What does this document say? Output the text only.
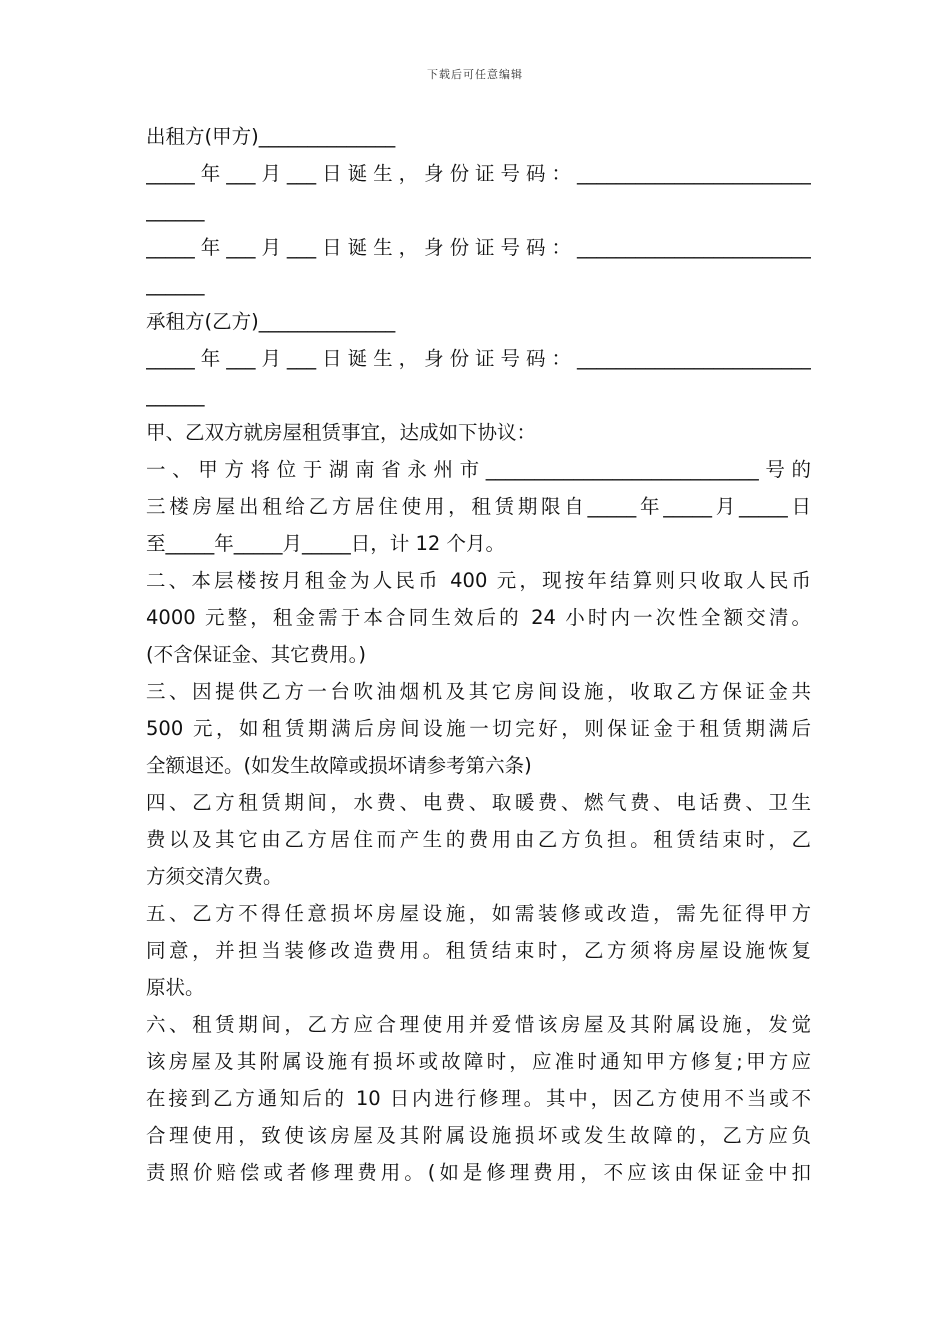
下载后可任意编辑
出租方(甲方)______________
_____年___月___日诞生，身份证号码：________________________
______
_____年___月___日诞生，身份证号码：________________________
______
承租方(乙方)______________
_____年___月___日诞生，身份证号码：________________________
______
甲、乙双方就房屋租赁事宜，达成如下协议：
一、甲方将位于湖南省永州市____________________________号的
三楼房屋出租给乙方居住使用，租赁期限自_____年_____月_____日
至_____年_____月_____日，计 12 个月。
二、本层楼按月租金为人民币 400 元，现按年结算则只收取人民币
4000 元整，租金需于本合同生效后的 24 小时内一次性全额交清。
(不含保证金、其它费用。)
三、因提供乙方一台吹油烟机及其它房间设施，收取乙方保证金共
500 元，如租赁期满后房间设施一切完好，则保证金于租赁期满后
全额退还。(如发生故障或损坏请参考第六条)
四、乙方租赁期间，水费、电费、取暖费、燃气费、电话费、卫生
费以及其它由乙方居住而产生的费用由乙方负担。租赁结束时，乙
方须交清欠费。
五、乙方不得任意损坏房屋设施，如需装修或改造，需先征得甲方
同意，并担当装修改造费用。租赁结束时，乙方须将房屋设施恢复
原状。
六、租赁期间，乙方应合理使用并爱惜该房屋及其附属设施，发觉
该房屋及其附属设施有损坏或故障时，应准时通知甲方修复;甲方应
在接到乙方通知后的 10 日内进行修理。其中，因乙方使用不当或不
合理使用，致使该房屋及其附属设施损坏或发生故障的，乙方应负
责照价赔偿或者修理费用。(如是修理费用，不应该由保证金中扣
